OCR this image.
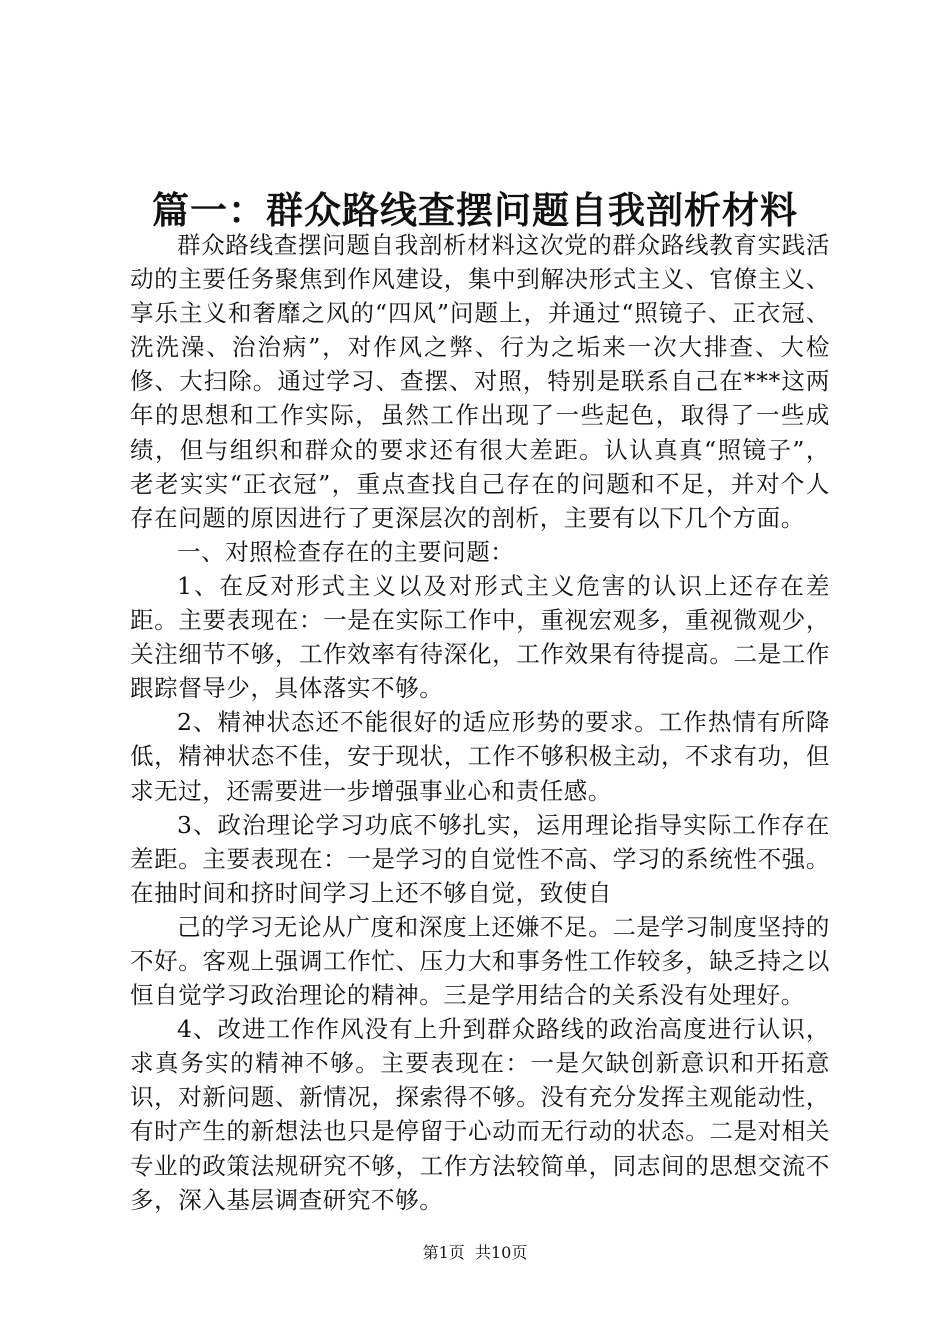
篇一：群众路线查摆问题自我剖析材料

群众路线查摆问题自我剖析材料这次党的群众路线教育实践活动的主要任务聚焦到作风建设，集中到解决形式主义、官僚主义、享乐主义和奢靡之风的“四风”问题上，并通过“照镜子、正衣冠、洗洗澡、治治病”，对作风之弊、行为之垢来一次大排查、大检修、大扫除。通过学习、查摆、对照，特别是联系自己在***这两年的思想和工作实际，虽然工作出现了一些起色，取得了一些成绩，但与组织和群众的要求还有很大差距。认认真真“照镜子”，老老实实“正衣冠”，重点查找自己存在的问题和不足，并对个人存在问题的原因进行了更深层次的剖析，主要有以下几个方面。

一、对照检查存在的主要问题：

1、在反对形式主义以及对形式主义危害的认识上还存在差距。主要表现在：一是在实际工作中，重视宏观多，重视微观少，关注细节不够，工作效率有待深化，工作效果有待提高。二是工作跟踪督导少，具体落实不够。

2、精神状态还不能很好的适应形势的要求。工作热情有所降低，精神状态不佳，安于现状，工作不够积极主动，不求有功，但求无过，还需要进一步增强事业心和责任感。

3、政治理论学习功底不够扎实，运用理论指导实际工作存在差距。主要表现在：一是学习的自觉性不高、学习的系统性不强。在抽时间和挤时间学习上还不够自觉，致使自

己的学习无论从广度和深度上还嫌不足。二是学习制度坚持的不好。客观上强调工作忙、压力大和事务性工作较多，缺乏持之以恒自觉学习政治理论的精神。三是学用结合的关系没有处理好。

4、改进工作作风没有上升到群众路线的政治高度进行认识，求真务实的精神不够。主要表现在：一是欠缺创新意识和开拓意识，对新问题、新情况，探索得不够。没有充分发挥主观能动性，有时产生的新想法也只是停留于心动而无行动的状态。二是对相关专业的政策法规研究不够，工作方法较简单，同志间的思想交流不多，深入基层调查研究不够。

第1页 共10页
